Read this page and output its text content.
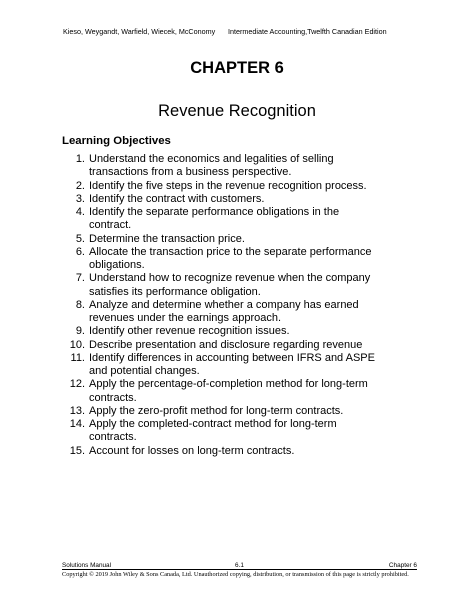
Kieso, Weygandt, Warfield, Wiecek, McConomy Intermediate Accounting,Twelfth Canadian Edition
CHAPTER 6
Revenue Recognition
Learning Objectives
1. Understand the economics and legalities of selling transactions from a business perspective.
2. Identify the five steps in the revenue recognition process.
3. Identify the contract with customers.
4. Identify the separate performance obligations in the contract.
5. Determine the transaction price.
6. Allocate the transaction price to the separate performance obligations.
7. Understand how to recognize revenue when the company satisfies its performance obligation.
8. Analyze and determine whether a company has earned revenues under the earnings approach.
9. Identify other revenue recognition issues.
10. Describe presentation and disclosure regarding revenue
11. Identify differences in accounting between IFRS and ASPE and potential changes.
12. Apply the percentage-of-completion method for long-term contracts.
13. Apply the zero-profit method for long-term contracts.
14. Apply the completed-contract method for long-term contracts.
15. Account for losses on long-term contracts.
Solutions Manual	6.1	Chapter 6
Copyright © 2019 John Wiley & Sons Canada, Ltd. Unauthorized copying, distribution, or transmission of this page is strictly prohibited.
